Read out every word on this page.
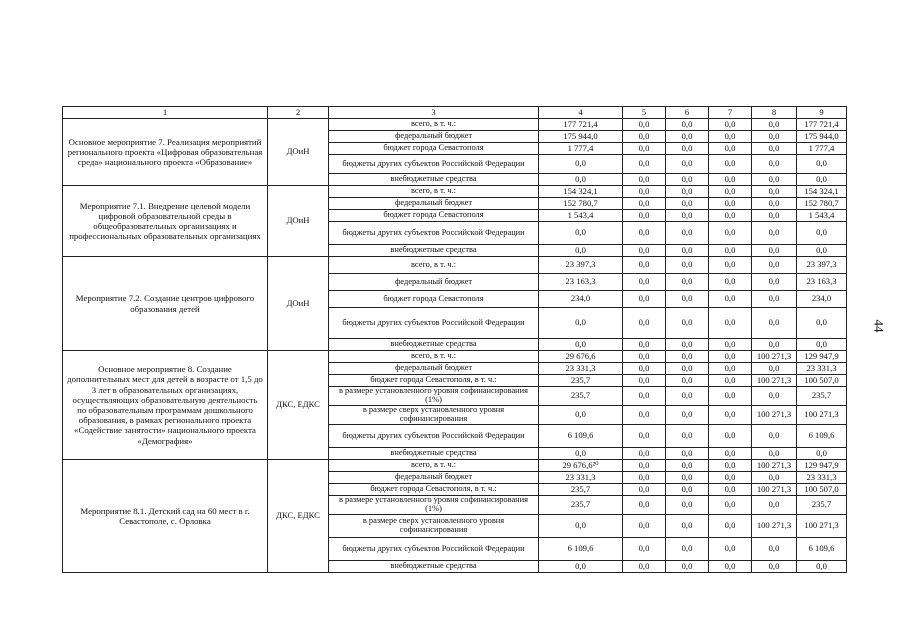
1	2	3	4	5	6	7	8	9
Основное мероприятие 7. Реализация мероприятий регионального проекта «Цифровая образовательная среда» национального проекта «Образование»	ДОиН	всего, в т. ч.:	177 721,4	0,0	0,0	0,0	0,0	177 721,4
		федеральный бюджет	175 944,0	0,0	0,0	0,0	0,0	175 944,0
		бюджет города Севастополя	1 777,4	0,0	0,0	0,0	0,0	1 777,4
		бюджеты других субъектов Российской Федерации	0,0	0,0	0,0	0,0	0,0	0,0
		внебюджетные средства	0,0	0,0	0,0	0,0	0,0	0,0
Мероприятие 7.1. Внедрение целевой модели цифровой образовательной среды в общеобразовательных организациях и профессиональных образовательных организациях	ДОиН	всего, в т. ч.:	154 324,1	0,0	0,0	0,0	0,0	154 324,1
		федеральный бюджет	152 780,7	0,0	0,0	0,0	0,0	152 780,7
		бюджет города Севастополя	1 543,4	0,0	0,0	0,0	0,0	1 543,4
		бюджеты других субъектов Российской Федерации	0,0	0,0	0,0	0,0	0,0	0,0
		внебюджетные средства	0,0	0,0	0,0	0,0	0,0	0,0
Мероприятие 7.2. Создание центров цифрового образования детей	ДОиН	всего, в т. ч.:	23 397,3	0,0	0,0	0,0	0,0	23 397,3
		федеральный бюджет	23 163,3	0,0	0,0	0,0	0,0	23 163,3
		бюджет города Севастополя	234,0	0,0	0,0	0,0	0,0	234,0
		бюджеты других субъектов Российской Федерации	0,0	0,0	0,0	0,0	0,0	0,0
		внебюджетные средства	0,0	0,0	0,0	0,0	0,0	0,0
Основное мероприятие 8. Создание дополнительных мест для детей в возрасте от 1,5 до 3 лет в образовательных организациях, осуществляющих образовательную деятельность по образовательным программам дошкольного образования, в рамках регионального проекта «Содействие занятости» национального проекта «Демография»	ДКС, ЕДКС	всего, в т. ч.:	29 676,6	0,0	0,0	0,0	100 271,3	129 947,9
		федеральный бюджет	23 331,3	0,0	0,0	0,0	0,0	23 331,3
		бюджет города Севастополя, в т. ч.:	235,7	0,0	0,0	0,0	100 271,3	100 507,0
		в размере установленного уровня софинансирования (1%)	235,7	0,0	0,0	0,0	0,0	235,7
		в размере сверх установленного уровня софинансирования	0,0	0,0	0,0	0,0	100 271,3	100 271,3
		бюджеты других субъектов Российской Федерации	6 109,6	0,0	0,0	0,0	0,0	6 109,6
		внебюджетные средства	0,0	0,0	0,0	0,0	0,0	0,0
Мероприятие 8.1. Детский сад на 60 мест в г. Севастополе, с. Орловка	ДКС, ЕДКС	всего, в т. ч.:	29 676,6²⁰	0,0	0,0	0,0	100 271,3	129 947,9
		федеральный бюджет	23 331,3	0,0	0,0	0,0	0,0	23 331,3
		бюджет города Севастополя, в т. ч.:	235,7	0,0	0,0	0,0	100 271,3	100 507,0
		в размере установленного уровня софинансирования (1%)	235,7	0,0	0,0	0,0	0,0	235,7
		в размере сверх установленного уровня софинансирования	0,0	0,0	0,0	0,0	100 271,3	100 271,3
		бюджеты других субъектов Российской Федерации	6 109,6	0,0	0,0	0,0	0,0	6 109,6
		внебюджетные средства	0,0	0,0	0,0	0,0	0,0	0,0
44
